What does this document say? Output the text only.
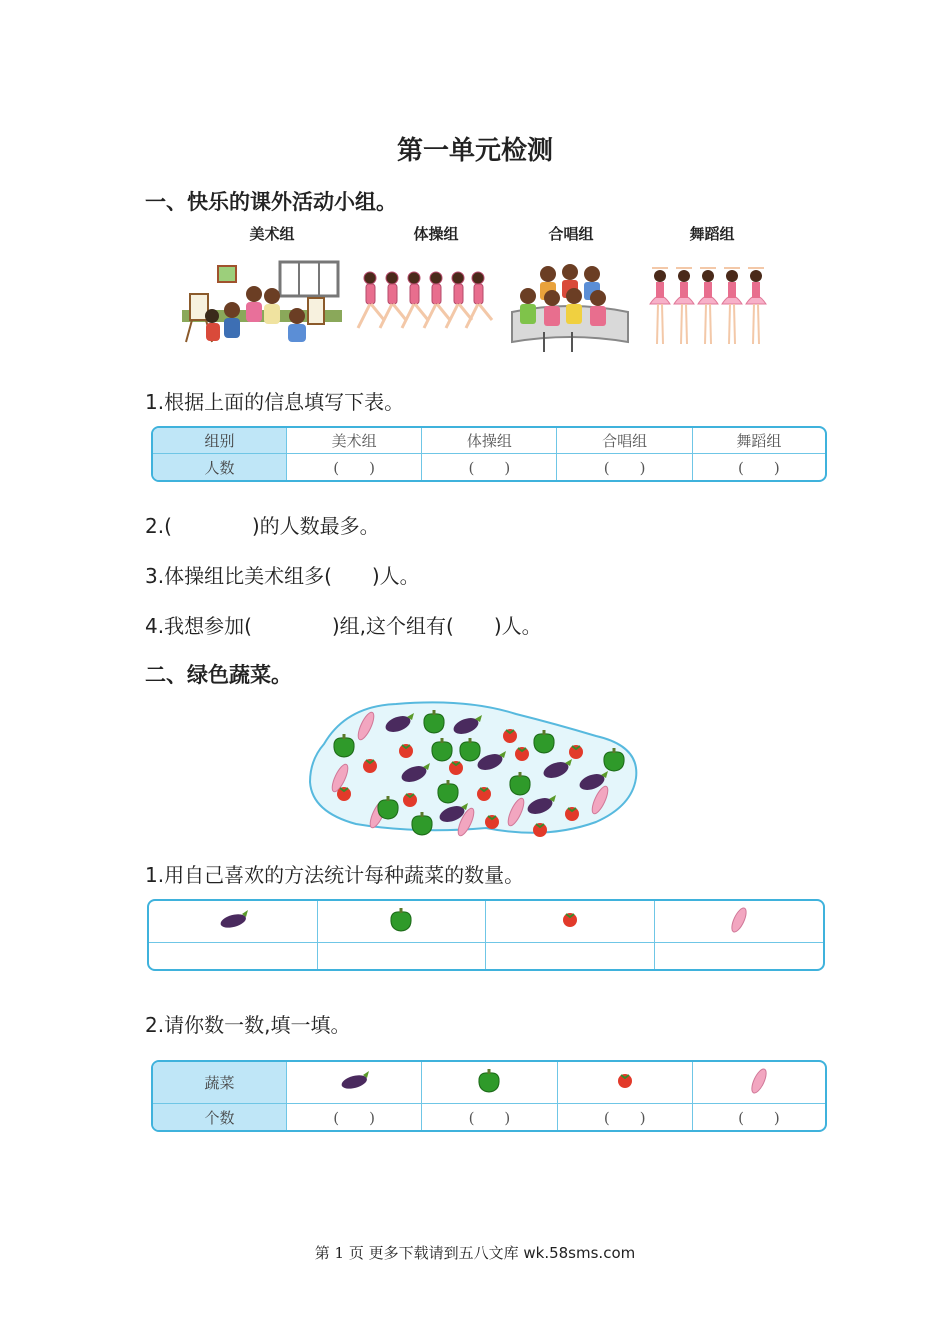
第一单元检测
一、快乐的课外活动小组。
美术组	体操组	合唱组	舞蹈组
1.根据上面的信息填写下表。
组别	美术组	体操组	合唱组	舞蹈组
人数	(　　)	(　　)	(　　)	(　　)
2.(　　　　)的人数最多。
3.体操组比美术组多(　　)人。
4.我想参加(　　　　)组,这个组有(　　)人。
二、绿色蔬菜。
1.用自己喜欢的方法统计每种蔬菜的数量。

2.请你数一数,填一填。
蔬菜				
个数	(　　)	(　　)	(　　)	(　　)
第 1 页 更多下载请到五八文库 wk.58sms.com
